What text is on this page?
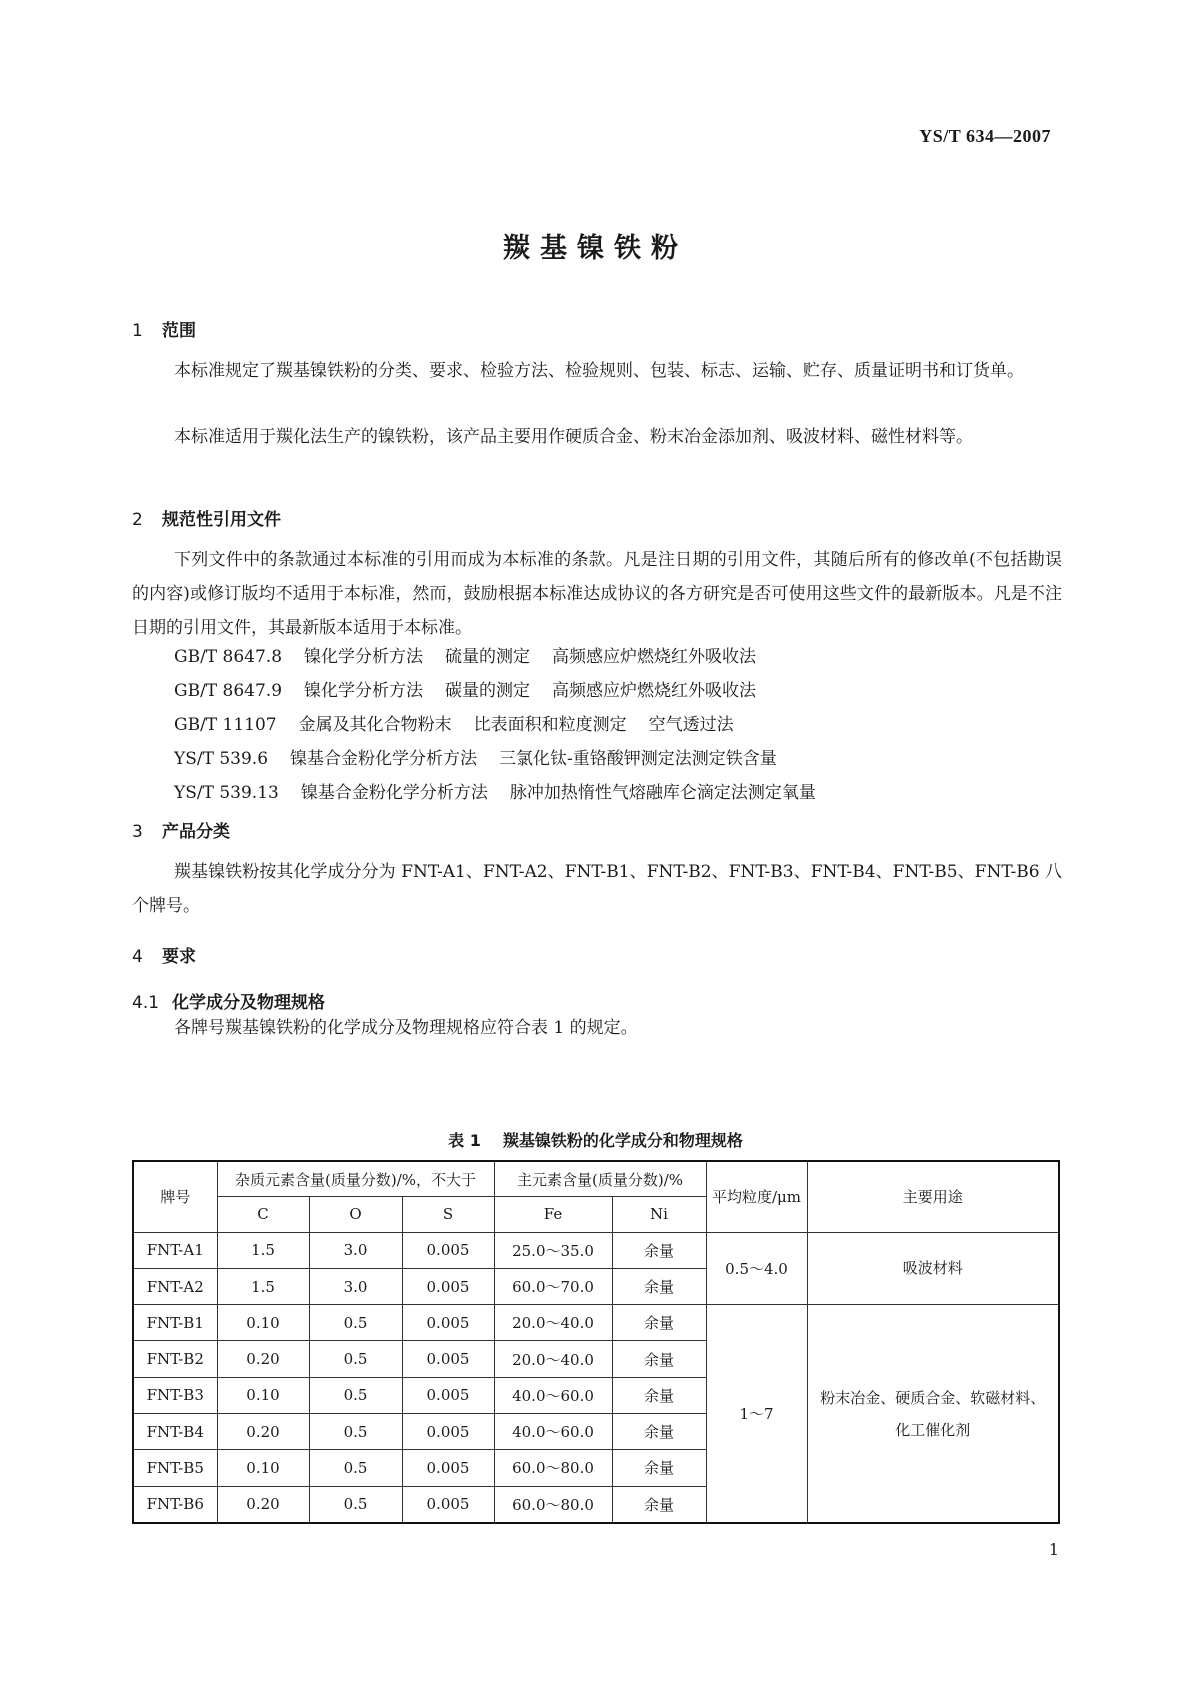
YS/T 634—2007
羰基镍铁粉
1 范围
本标准规定了羰基镍铁粉的分类、要求、检验方法、检验规则、包装、标志、运输、贮存、质量证明书和订货单。
本标准适用于羰化法生产的镍铁粉，该产品主要用作硬质合金、粉末冶金添加剂、吸波材料、磁性材料等。
2 规范性引用文件
下列文件中的条款通过本标准的引用而成为本标准的条款。凡是注日期的引用文件，其随后所有的修改单(不包括勘误的内容)或修订版均不适用于本标准，然而，鼓励根据本标准达成协议的各方研究是否可使用这些文件的最新版本。凡是不注日期的引用文件，其最新版本适用于本标准。
GB/T 8647.8 镍化学分析方法 硫量的测定 高频感应炉燃烧红外吸收法
GB/T 8647.9 镍化学分析方法 碳量的测定 高频感应炉燃烧红外吸收法
GB/T 11107 金属及其化合物粉末 比表面积和粒度测定 空气透过法
YS/T 539.6 镍基合金粉化学分析方法 三氯化钛-重铬酸钾测定法测定铁含量
YS/T 539.13 镍基合金粉化学分析方法 脉冲加热惰性气熔融库仑滴定法测定氧量
3 产品分类
羰基镍铁粉按其化学成分分为 FNT-A1、FNT-A2、FNT-B1、FNT-B2、FNT-B3、FNT-B4、FNT-B5、FNT-B6 八个牌号。
4 要求
4.1 化学成分及物理规格
各牌号羰基镍铁粉的化学成分及物理规格应符合表 1 的规定。
表 1 羰基镍铁粉的化学成分和物理规格
牌号	杂质元素含量(质量分数)/%，不大于			主元素含量(质量分数)/%		平均粒度/μm	主要用途
	C	O	S	Fe	Ni		
FNT-A1	1.5	3.0	0.005	25.0～35.0	余量	0.5～4.0	吸波材料
FNT-A2	1.5	3.0	0.005	60.0～70.0	余量		
FNT-B1	0.10	0.5	0.005	20.0～40.0	余量	1～7	粉末冶金、硬质合金、软磁材料、化工催化剂
FNT-B2	0.20	0.5	0.005	20.0～40.0	余量		
FNT-B3	0.10	0.5	0.005	40.0～60.0	余量		
FNT-B4	0.20	0.5	0.005	40.0～60.0	余量		
FNT-B5	0.10	0.5	0.005	60.0～80.0	余量		
FNT-B6	0.20	0.5	0.005	60.0～80.0	余量		
1
